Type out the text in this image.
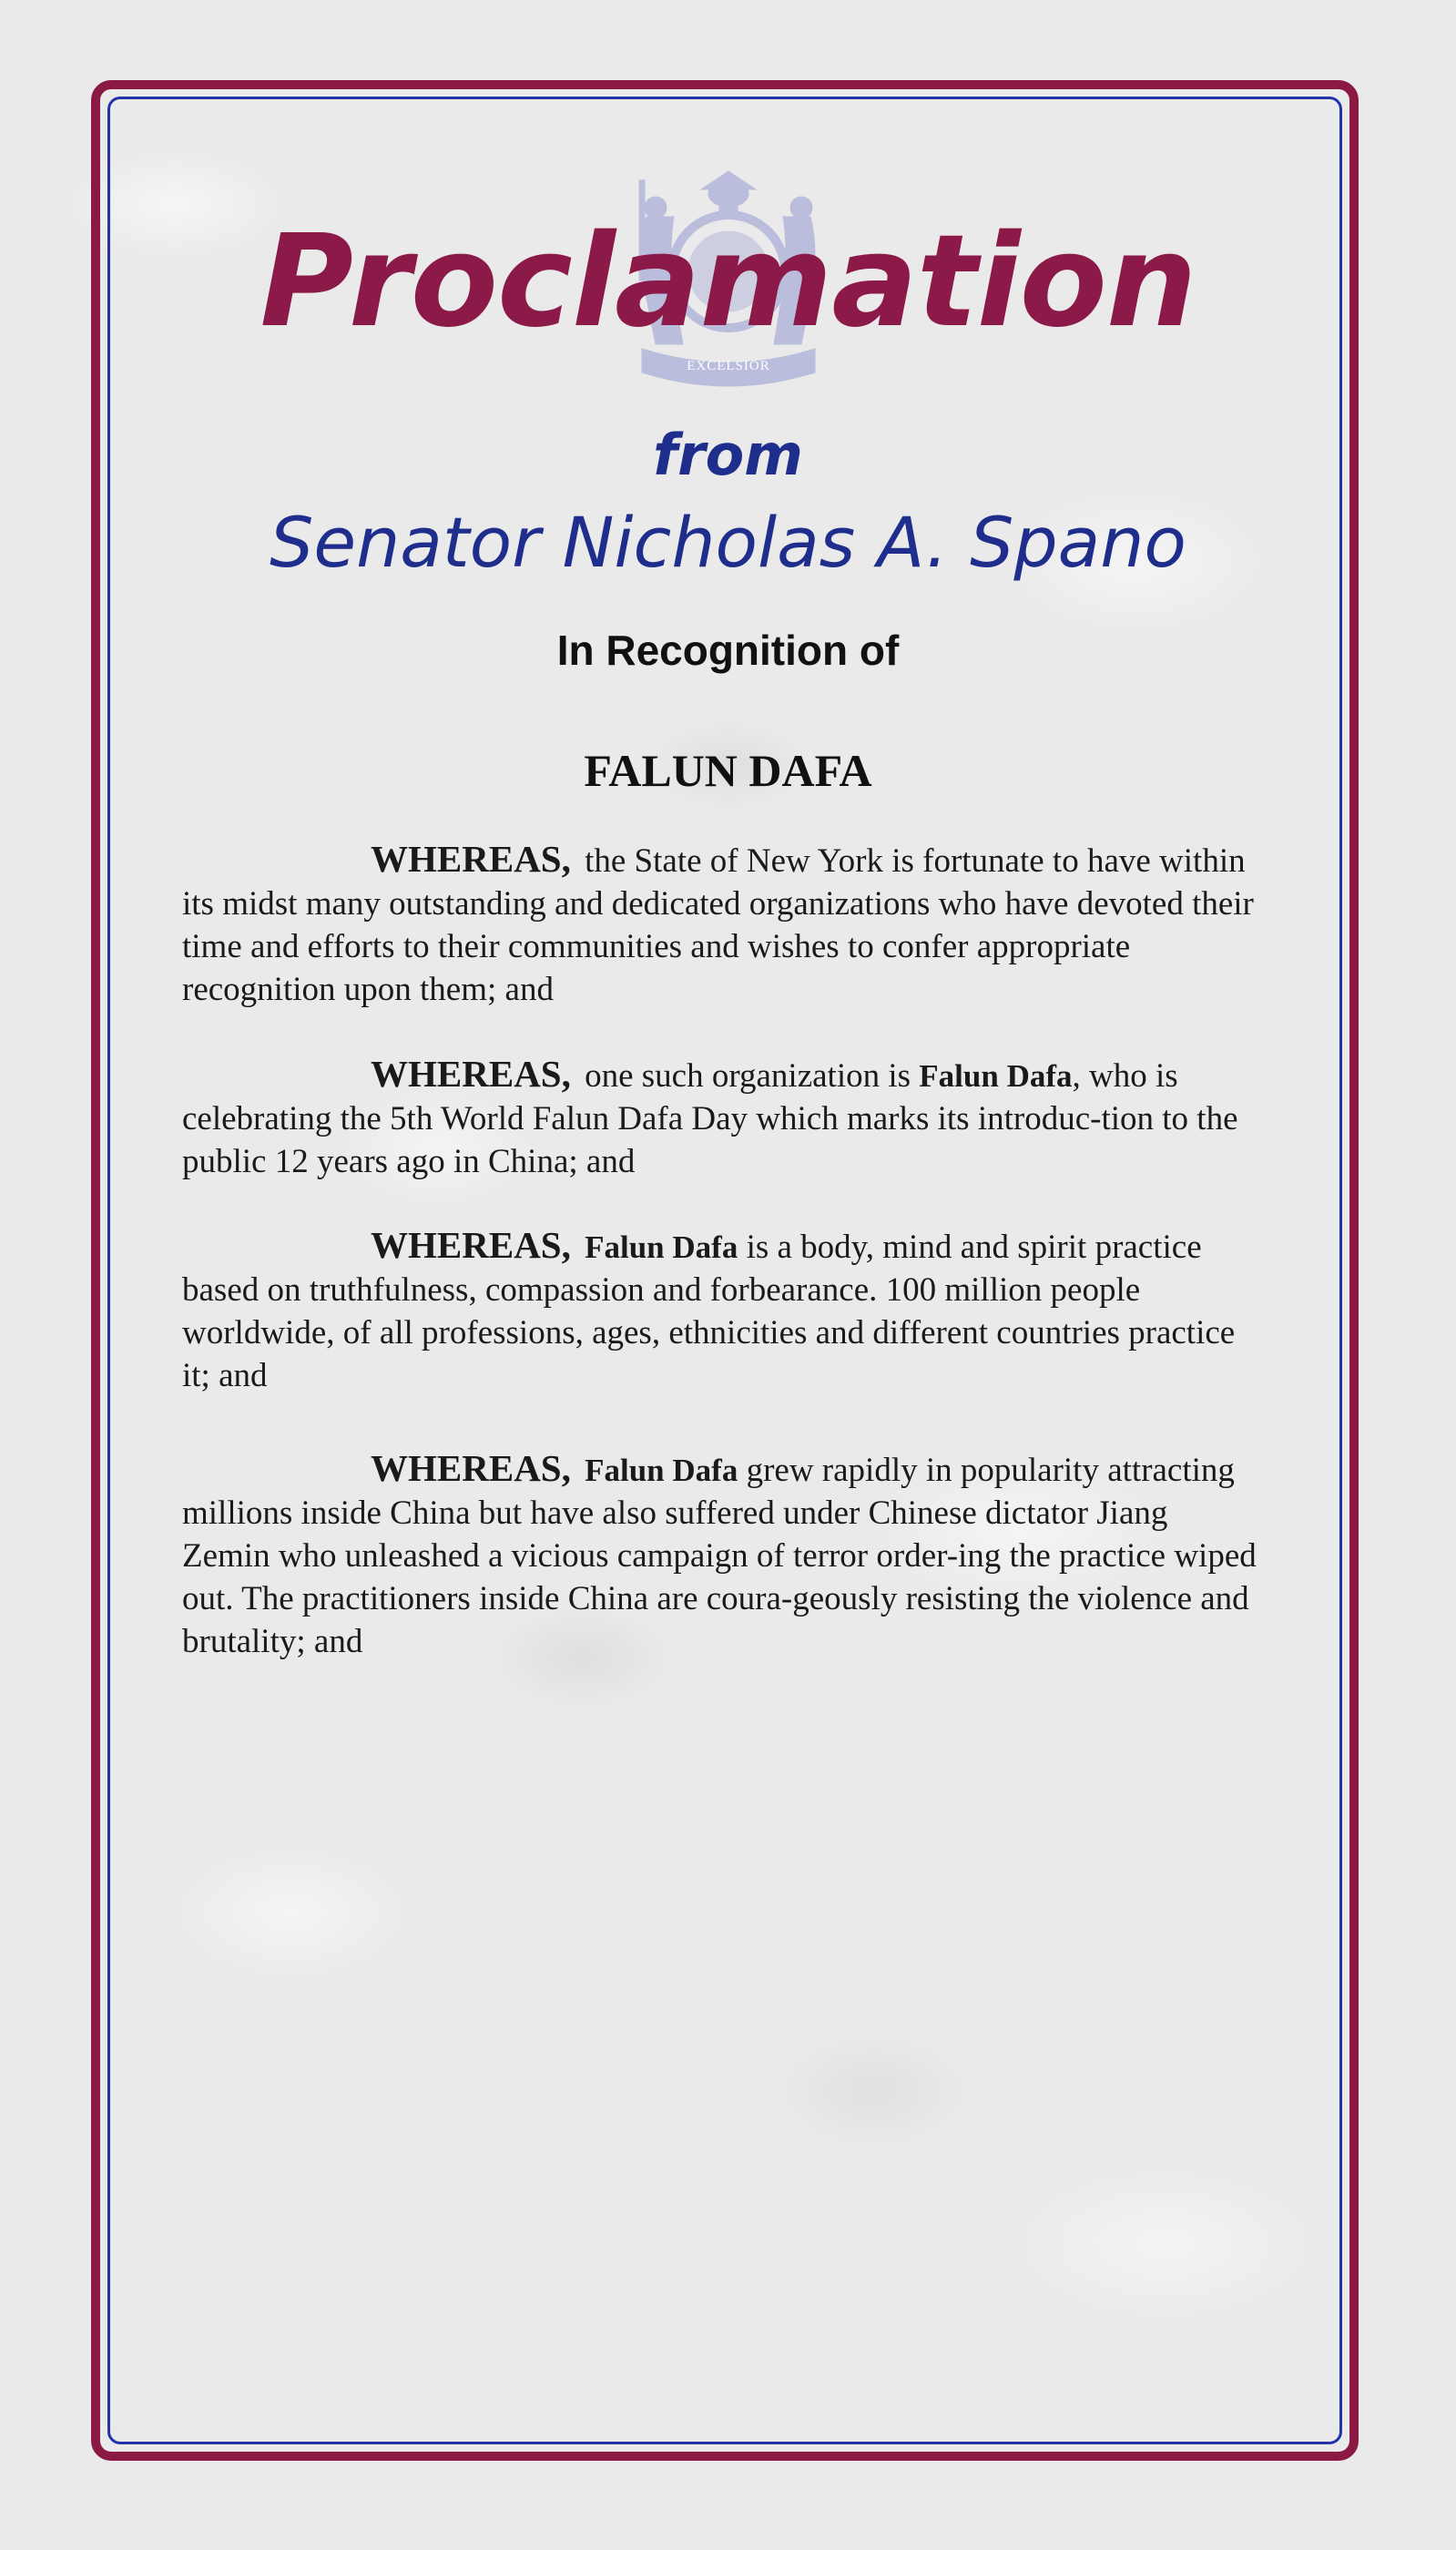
EXCELSIOR
Proclamation
from
Senator Nicholas A. Spano
In Recognition of
FALUN DAFA

WHEREAS, the State of New York is fortunate to have within its midst many outstanding and dedicated organizations who have devoted their time and efforts to their communities and wishes to confer appropriate recognition upon them; and

WHEREAS, one such organization is Falun Dafa, who is celebrating the 5th World Falun Dafa Day which marks its introduc-tion to the public 12 years ago in China; and

WHEREAS, Falun Dafa is a body, mind and spirit practice based on truthfulness, compassion and forbearance. 100 million people worldwide, of all professions, ages, ethnicities and different countries practice it; and

WHEREAS, Falun Dafa grew rapidly in popularity attracting millions inside China but have also suffered under Chinese dictator Jiang Zemin who unleashed a vicious campaign of terror order-ing the practice wiped out. The practitioners inside China are coura-geously resisting the violence and brutality; and
